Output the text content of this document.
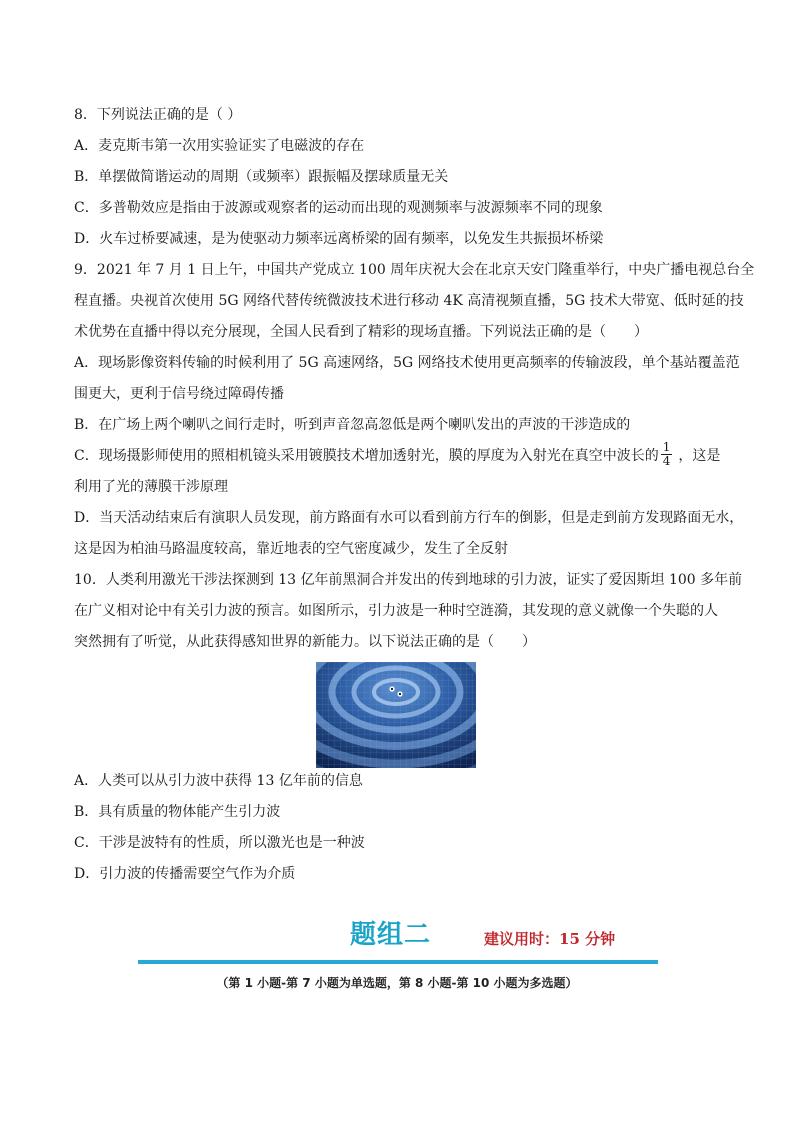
8．下列说法正确的是（ ）
A．麦克斯韦第一次用实验证实了电磁波的存在
B．单摆做简谐运动的周期（或频率）跟振幅及摆球质量无关
C．多普勒效应是指由于波源或观察者的运动而出现的观测频率与波源频率不同的现象
D．火车过桥要减速，是为使驱动力频率远离桥梁的固有频率，以免发生共振损坏桥梁
9．2021 年 7 月 1 日上午，中国共产党成立 100 周年庆祝大会在北京天安门隆重举行，中央广播电视总台全
程直播。央视首次使用 5G 网络代替传统微波技术进行移动 4K 高清视频直播，5G 技术大带宽、低时延的技
术优势在直播中得以充分展现，全国人民看到了精彩的现场直播。下列说法正确的是（　　）
A．现场影像资料传输的时候利用了 5G 高速网络，5G 网络技术使用更高频率的传输波段，单个基站覆盖范
围更大，更利于信号绕过障碍传播
B．在广场上两个喇叭之间行走时，听到声音忽高忽低是两个喇叭发出的声波的干涉造成的
C．现场摄影师使用的照相机镜头采用镀膜技术增加透射光，膜的厚度为入射光在真空中波长的 $\frac{1}{4}$ ，这是
利用了光的薄膜干涉原理
D．当天活动结束后有演职人员发现，前方路面有水可以看到前方行车的倒影，但是走到前方发现路面无水，
这是因为柏油马路温度较高，靠近地表的空气密度减少，发生了全反射
10．人类利用激光干涉法探测到 13 亿年前黑洞合并发出的传到地球的引力波，证实了爱因斯坦 100 多年前
在广义相对论中有关引力波的预言。如图所示，引力波是一种时空涟漪，其发现的意义就像一个失聪的人
突然拥有了听觉，从此获得感知世界的新能力。以下说法正确的是（　　）
A．人类可以从引力波中获得 13 亿年前的信息
B．具有质量的物体能产生引力波
C．干涉是波特有的性质，所以激光也是一种波
D．引力波的传播需要空气作为介质
题组二	建议用时：15 分钟
（第 1 小题-第 7 小题为单选题，第 8 小题-第 10 小题为多选题）
